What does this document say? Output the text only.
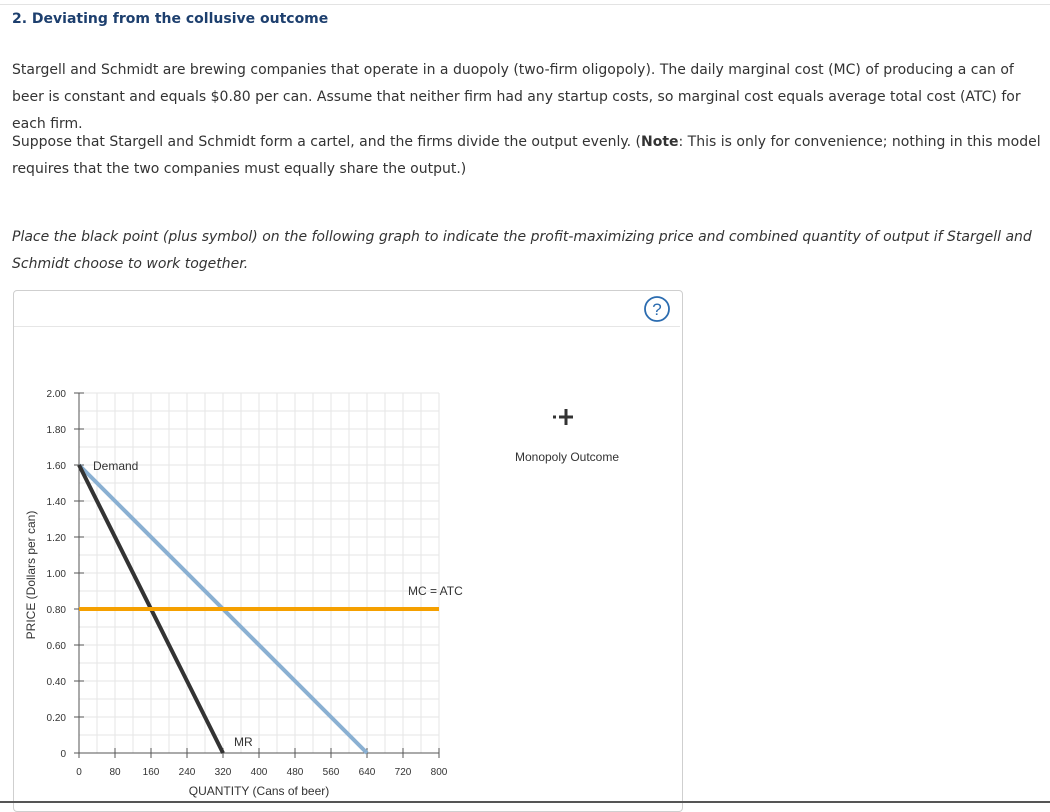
2. Deviating from the collusive outcome
Stargell and Schmidt are brewing companies that operate in a duopoly (two-firm oligopoly). The daily marginal cost (MC) of producing a can of beer is constant and equals $0.80 per can. Assume that neither firm had any startup costs, so marginal cost equals average total cost (ATC) for each firm.
Suppose that Stargell and Schmidt form a cartel, and the firms divide the output evenly. (Note: This is only for convenience; nothing in this model requires that the two companies must equally share the output.)
Place the black point (plus symbol) on the following graph to indicate the profit-maximizing price and combined quantity of output if Stargell and Schmidt choose to work together.
?
0	80 160 240 320 400 480 560 640 720 800
0
0.20
0.40
0.60
0.80
1.00
1.20
1.40
1.60
1.80
2.00
Demand
MC = ATC
MR
QUANTITY (Cans of beer)
PRICE (Dollars per can)
Monopoly Outcome
